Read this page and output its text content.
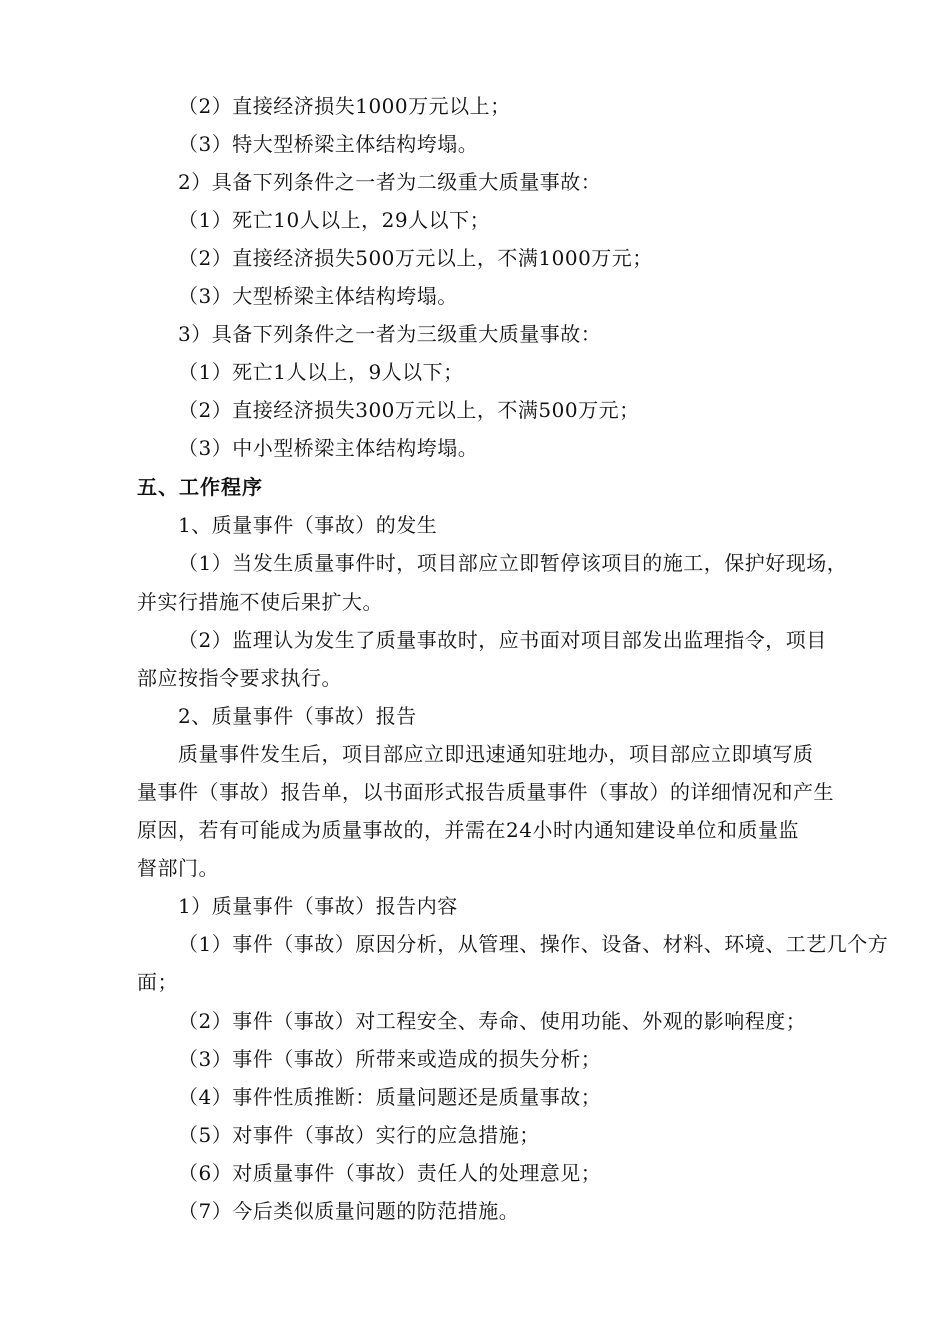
（2）直接经济损失1000万元以上；
（3）特大型桥梁主体结构垮塌。
2）具备下列条件之一者为二级重大质量事故：
（1）死亡10人以上，29人以下；
（2）直接经济损失500万元以上，不满1000万元；
（3）大型桥梁主体结构垮塌。
3）具备下列条件之一者为三级重大质量事故：
（1）死亡1人以上，9人以下；
（2）直接经济损失300万元以上，不满500万元；
（3）中小型桥梁主体结构垮塌。
五、工作程序
1、质量事件（事故）的发生
（1）当发生质量事件时，项目部应立即暂停该项目的施工，保护好现场，
并实行措施不使后果扩大。
（2）监理认为发生了质量事故时，应书面对项目部发出监理指令，项目
部应按指令要求执行。
2、质量事件（事故）报告
质量事件发生后，项目部应立即迅速通知驻地办，项目部应立即填写质
量事件（事故）报告单，以书面形式报告质量事件（事故）的详细情况和产生
原因，若有可能成为质量事故的，并需在24小时内通知建设单位和质量监
督部门。
1）质量事件（事故）报告内容
（1）事件（事故）原因分析，从管理、操作、设备、材料、环境、工艺几个方
面；
（2）事件（事故）对工程安全、寿命、使用功能、外观的影响程度；
（3）事件（事故）所带来或造成的损失分析；
（4）事件性质推断：质量问题还是质量事故；
（5）对事件（事故）实行的应急措施；
（6）对质量事件（事故）责任人的处理意见；
（7）今后类似质量问题的防范措施。
